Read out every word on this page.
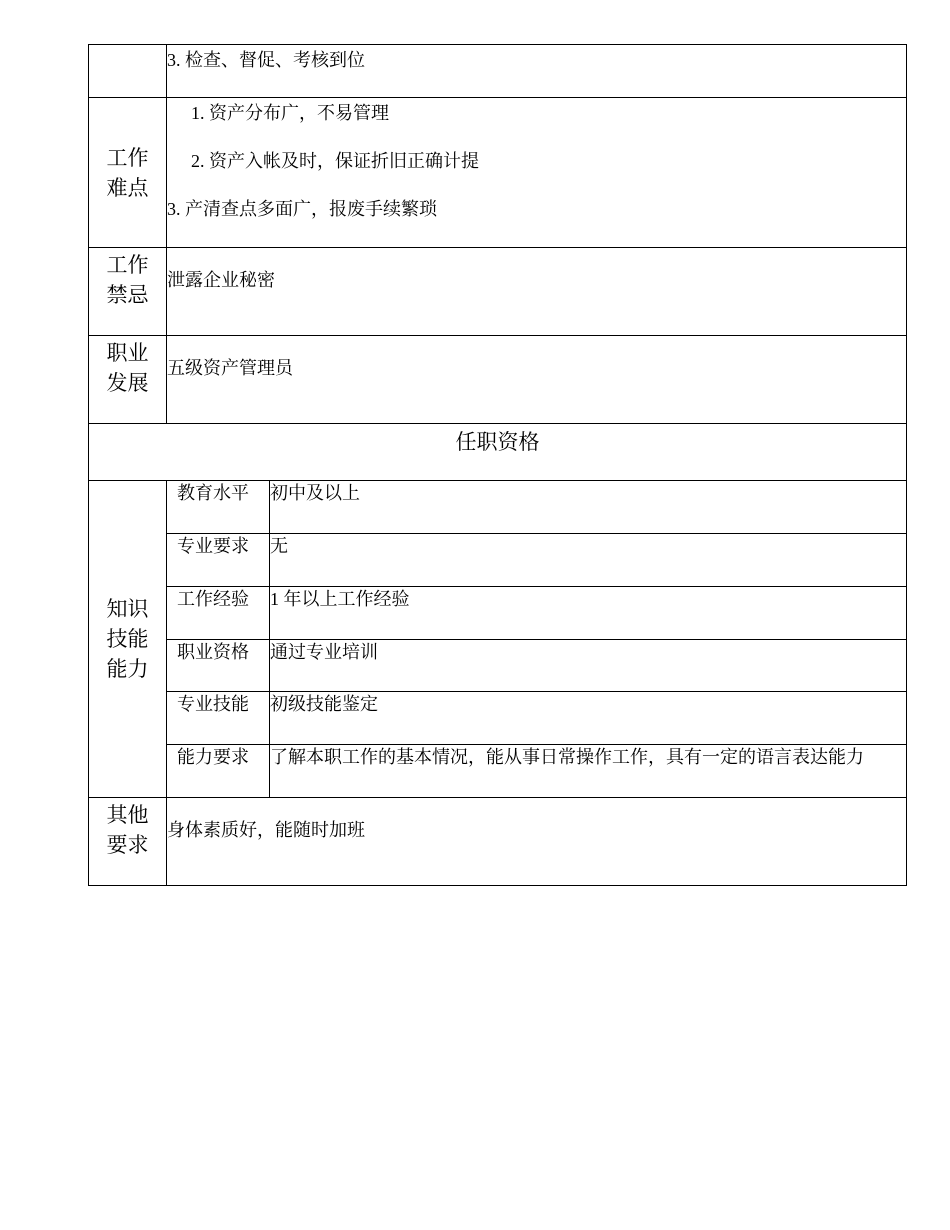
	3. 检查、督促、考核到位	

工作
难点	1. 资产分布广，不易管理
2. 资产入帐及时，保证折旧正确计提
3. 产清查点多面广，报废手续繁琐	

工作
禁忌	泄露企业秘密	
职业
发展	五级资产管理员	
任职资格		
知识
技能
能力	教育水平	初中及以上
	专业要求	无
	工作经验	1 年以上工作经验
	职业资格	通过专业培训
	专业技能	初级技能鉴定
	能力要求	了解本职工作的基本情况，能从事日常操作工作，具有一定的语言表达能力
其他
要求	身体素质好，能随时加班	
